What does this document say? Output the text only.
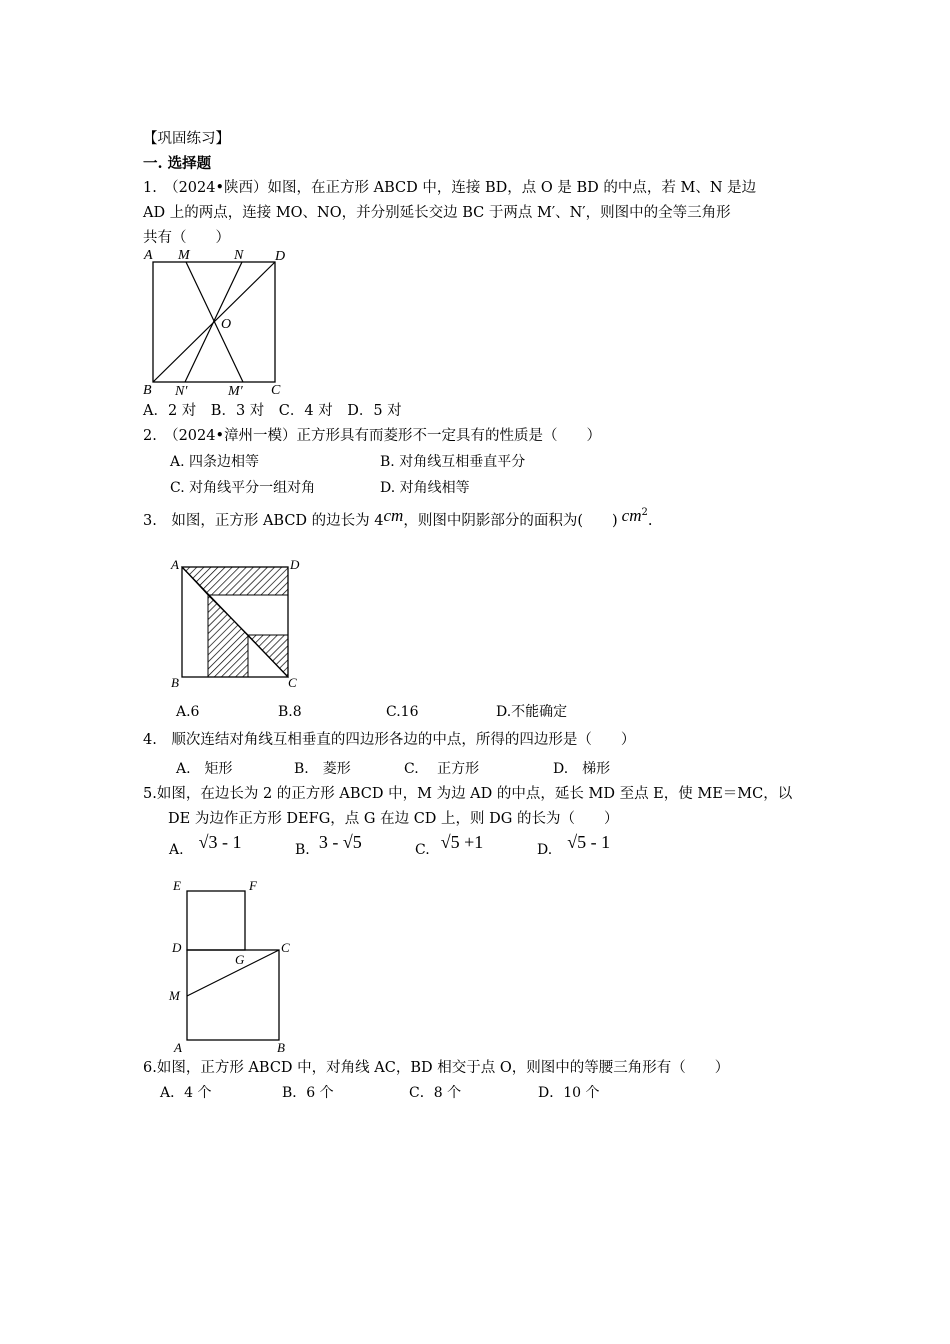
【巩固练习】
一. 选择题
1.　（2024•陕西）如图，在正方形 ABCD 中，连接 BD，点 O 是 BD 的中点，若 M、N 是边
AD 上的两点，连接 MO、NO，并分别延长交边 BC 于两点 M′、N′，则图中的全等三角形
共有（　　）
A M	N D
O
B N′	M′ C
A．2 对　B．3 对　C．4 对　D．5 对
2.　（2024•漳州一模）正方形具有而菱形不一定具有的性质是（　　）
A. 四条边相等	B. 对角线互相垂直平分
C. 对角线平分一组对角	D. 对角线相等
3.　如图，正方形 ABCD 的边长为 4cm，则图中阴影部分的面积为(　　) $cm^2$.
A	D
B	C
A.6	B.8	C.16	D.不能确定
4.　顺次连结对角线互相垂直的四边形各边的中点，所得的四边形是（　　）
A.　矩形	B.　菱形	C.　 正方形	D.　梯形
5.如图，在边长为 2 的正方形 ABCD 中，M 为边 AD 的中点，延长 MD 至点 E，使 ME＝MC，以
DE 为边作正方形 DEFG，点 G 在边 CD 上，则 DG 的长为（　　）
A. √3 - 1	B. 3 - √5	C. √5 +1	D. √5 - 1
E	F
D
G
C
M
A	B
6.如图，正方形 ABCD 中，对角线 AC，BD 相交于点 O，则图中的等腰三角形有（　　）
A．4 个	B．6 个	C．8 个	D．10 个
